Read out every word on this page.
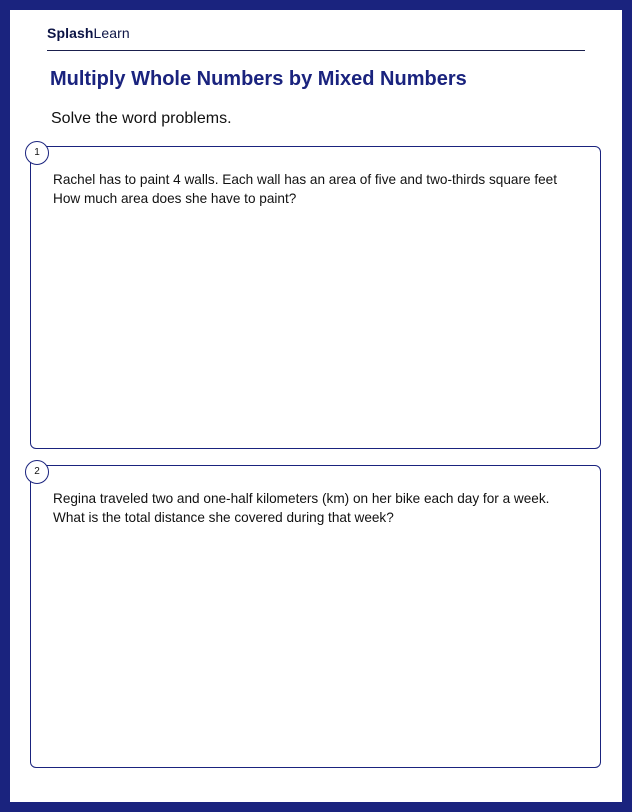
SplashLearn
Multiply Whole Numbers by Mixed Numbers
Solve the word problems.
1
Rachel has to paint 4 walls. Each wall has an area of five and two-thirds square feet
How much area does she have to paint?
2
Regina traveled two and one-half kilometers (km) on her bike each day for a week.
What is the total distance she covered during that week?
